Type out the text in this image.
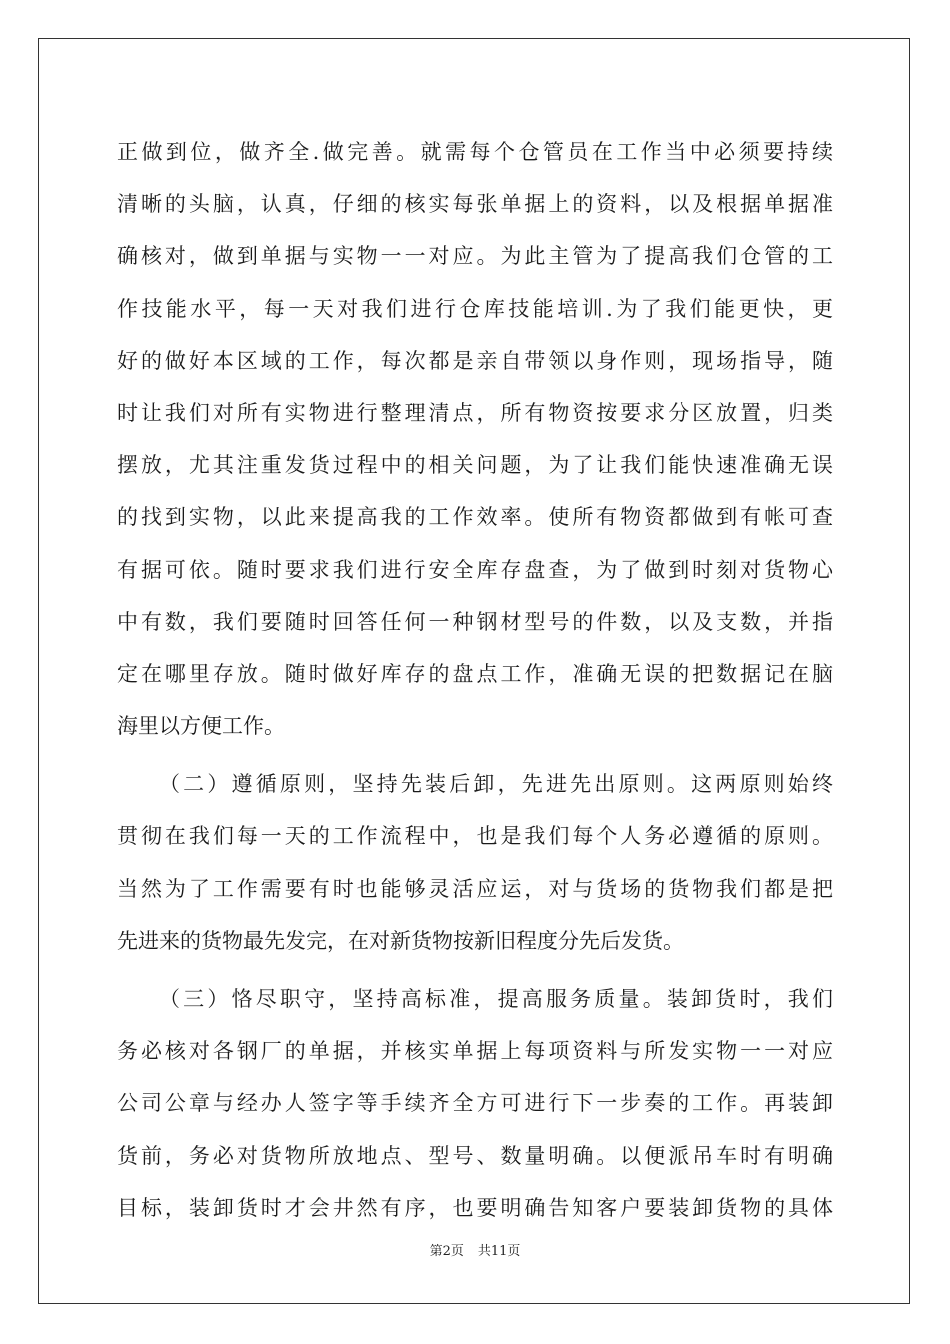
正做到位，做齐全.做完善。就需每个仓管员在工作当中必须要持续
清晰的头脑，认真，仔细的核实每张单据上的资料，以及根据单据准
确核对，做到单据与实物一一对应。为此主管为了提高我们仓管的工
作技能水平，每一天对我们进行仓库技能培训.为了我们能更快，更
好的做好本区域的工作，每次都是亲自带领以身作则，现场指导，随
时让我们对所有实物进行整理清点，所有物资按要求分区放置，归类
摆放，尤其注重发货过程中的相关问题，为了让我们能快速准确无误
的找到实物，以此来提高我的工作效率。使所有物资都做到有帐可查
有据可依。随时要求我们进行安全库存盘查，为了做到时刻对货物心
中有数，我们要随时回答任何一种钢材型号的件数，以及支数，并指
定在哪里存放。随时做好库存的盘点工作，准确无误的把数据记在脑
海里以方便工作。
（二）遵循原则，坚持先装后卸，先进先出原则。这两原则始终
贯彻在我们每一天的工作流程中，也是我们每个人务必遵循的原则。
当然为了工作需要有时也能够灵活应运，对与货场的货物我们都是把
先进来的货物最先发完，在对新货物按新旧程度分先后发货。
（三）恪尽职守，坚持高标准，提高服务质量。装卸货时，我们
务必核对各钢厂的单据，并核实单据上每项资料与所发实物一一对应
公司公章与经办人签字等手续齐全方可进行下一步奏的工作。再装卸
货前，务必对货物所放地点、型号、数量明确。以便派吊车时有明确
目标，装卸货时才会井然有序，也要明确告知客户要装卸货物的具体
第2页 共11页
